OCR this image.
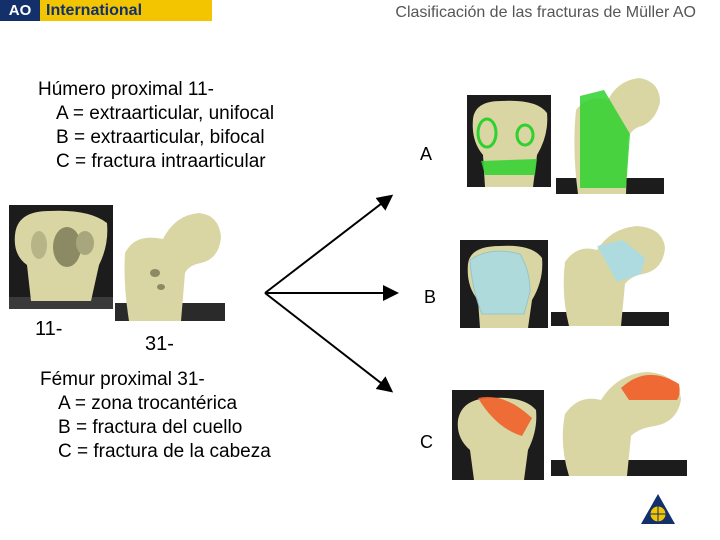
AO International	Clasificación de las fracturas de Müller AO
Húmero proximal 11-
A = extraarticular, unifocal
B = extraarticular, bifocal
C = fractura intraarticular
Fémur proximal 31-
A = zona trocantérica
B = fractura del cuello
C = fractura de la cabeza
11-
31-
A
B
C
